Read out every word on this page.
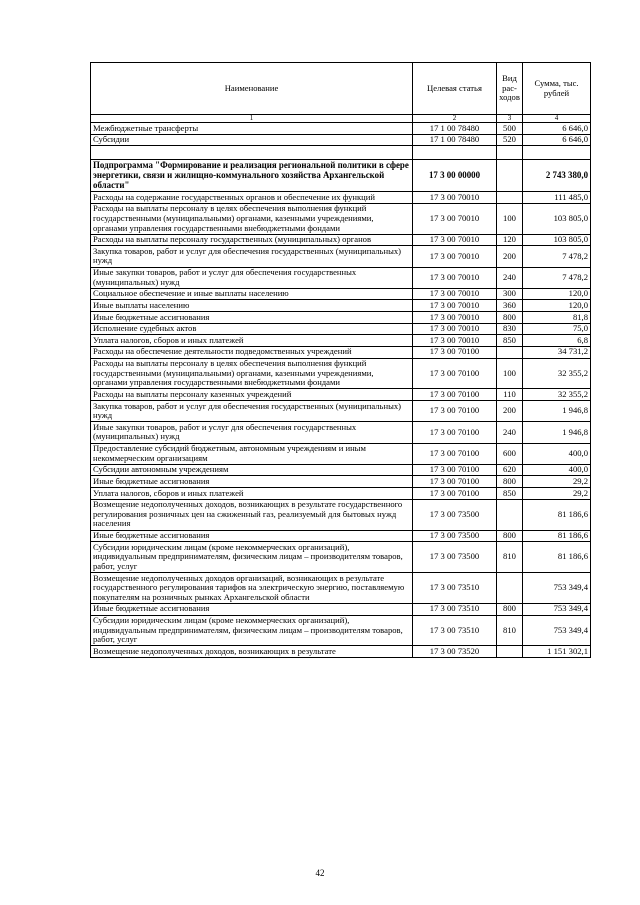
Наименование	Целевая статья	Вид рас-ходов	Сумма, тыс. рублей
1	2	3	4
Межбюджетные трансферты	17 1 00 78480	500	6 646,0
Субсидии	17 1 00 78480	520	6 646,0

Подпрограмма "Формирование и реализация региональной политики в сфере энергетики, связи и жилищно-коммунального хозяйства Архангельской области"	17 3 00 00000		2 743 380,0
Расходы на содержание государственных органов и обеспечение их функций	17 3 00 70010		111 485,0
Расходы на выплаты персоналу в целях обеспечения выполнения функций государственными (муниципальными) органами, казенными учреждениями, органами управления государственными внебюджетными фондами	17 3 00 70010	100	103 805,0
Расходы на выплаты персоналу государственных (муниципальных) органов	17 3 00 70010	120	103 805,0
Закупка товаров, работ и услуг для обеспечения государственных (муниципальных) нужд	17 3 00 70010	200	7 478,2
Иные закупки товаров, работ и услуг для обеспечения государственных (муниципальных) нужд	17 3 00 70010	240	7 478,2
Социальное обеспечение и иные выплаты населению	17 3 00 70010	300	120,0
Иные выплаты населению	17 3 00 70010	360	120,0
Иные бюджетные ассигнования	17 3 00 70010	800	81,8
Исполнение судебных актов	17 3 00 70010	830	75,0
Уплата налогов, сборов и иных платежей	17 3 00 70010	850	6,8
Расходы на обеспечение деятельности подведомственных учреждений	17 3 00 70100		34 731,2
Расходы на выплаты персоналу в целях обеспечения выполнения функций государственными (муниципальными) органами, казенными учреждениями, органами управления государственными внебюджетными фондами	17 3 00 70100	100	32 355,2
Расходы на выплаты персоналу казенных учреждений	17 3 00 70100	110	32 355,2
Закупка товаров, работ и услуг для обеспечения государственных (муниципальных) нужд	17 3 00 70100	200	1 946,8
Иные закупки товаров, работ и услуг для обеспечения государственных (муниципальных) нужд	17 3 00 70100	240	1 946,8
Предоставление субсидий бюджетным, автономным учреждениям и иным некоммерческим организациям	17 3 00 70100	600	400,0
Субсидии автономным учреждениям	17 3 00 70100	620	400,0
Иные бюджетные ассигнования	17 3 00 70100	800	29,2
Уплата налогов, сборов и иных платежей	17 3 00 70100	850	29,2
Возмещение недополученных доходов, возникающих в результате государственного регулирования розничных цен на сжиженный газ, реализуемый для бытовых нужд населения	17 3 00 73500		81 186,6
Иные бюджетные ассигнования	17 3 00 73500	800	81 186,6
Субсидии юридическим лицам (кроме некоммерческих организаций), индивидуальным предпринимателям, физическим лицам – производителям товаров, работ, услуг	17 3 00 73500	810	81 186,6
Возмещение недополученных доходов организаций, возникающих в результате государственного регулирования тарифов на электрическую энергию, поставляемую покупателям на розничных рынках Архангельской области	17 3 00 73510		753 349,4
Иные бюджетные ассигнования	17 3 00 73510	800	753 349,4
Субсидии юридическим лицам (кроме некоммерческих организаций), индивидуальным предпринимателям, физическим лицам – производителям товаров, работ, услуг	17 3 00 73510	810	753 349,4
Возмещение недополученных доходов, возникающих в результате	17 3 00 73520		1 151 302,1
42
